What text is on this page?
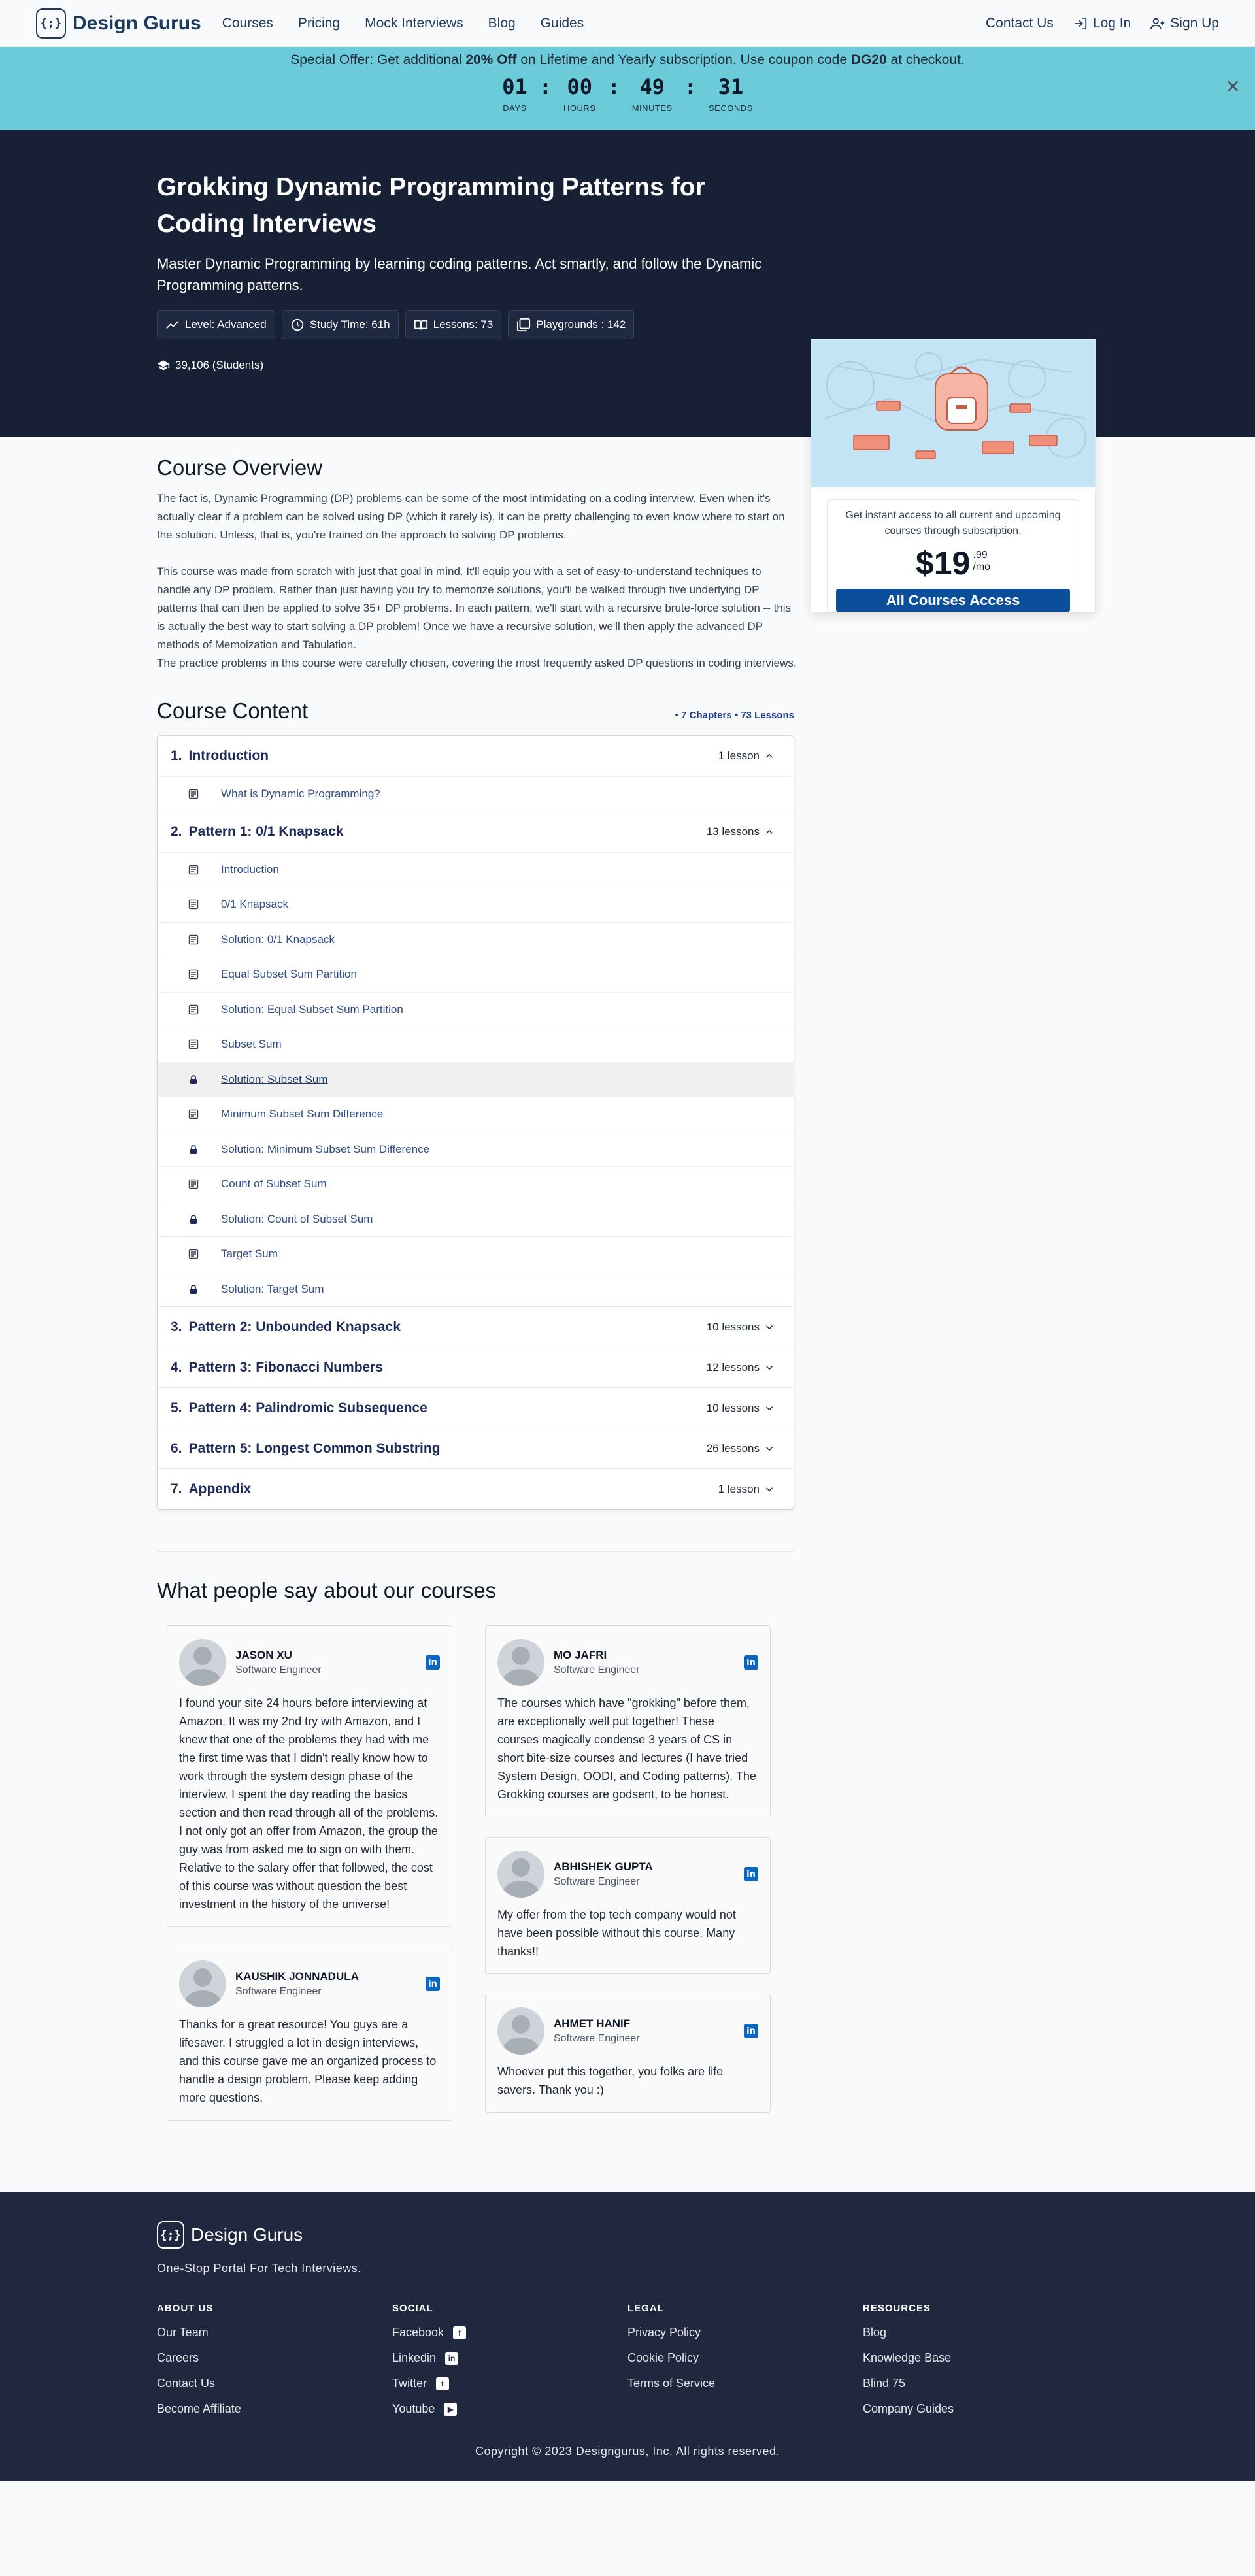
{;} Design Gurus Courses Pricing Mock Interviews Blog Guides	Contact Us	Log In	Sign Up
Special Offer: Get additional 20% Off on Lifetime and Yearly subscription. Use coupon code DG20 at checkout.
01
DAYS
: 00
HOURS
: 49
MINUTES
: 31
SECONDS
✕
Grokking Dynamic Programming Patterns for Coding Interviews

Master Dynamic Programming by learning coding patterns. Act smartly, and follow the Dynamic Programming patterns.

Level: Advanced	Study Time: 61h	Lessons: 73	Playgrounds : 142
39,106 (Students)

Get instant access to all current and upcoming courses through subscription.

$19 .99
/mo
All Courses Access
Course Overview

The fact is, Dynamic Programming (DP) problems can be some of the most intimidating on a coding interview. Even when it's actually clear if a problem can be solved using DP (which it rarely is), it can be pretty challenging to even know where to start on the solution. Unless, that is, you're trained on the approach to solving DP problems.

This course was made from scratch with just that goal in mind. It'll equip you with a set of easy-to-understand techniques to handle any DP problem. Rather than just having you try to memorize solutions, you'll be walked through five underlying DP patterns that can then be applied to solve 35+ DP problems. In each pattern, we'll start with a recursive brute-force solution -- this is actually the best way to start solving a DP problem! Once we have a recursive solution, we'll then apply the advanced DP methods of Memoization and Tabulation.

The practice problems in this course were carefully chosen, covering the most frequently asked DP questions in coding interviews.

Course Content	• 7 Chapters • 73 Lessons
1. Introduction	1 lesson
What is Dynamic Programming?
2. Pattern 1: 0/1 Knapsack	13 lessons
Introduction
0/1 Knapsack
Solution: 0/1 Knapsack
Equal Subset Sum Partition
Solution: Equal Subset Sum Partition
Subset Sum
Solution: Subset Sum
Minimum Subset Sum Difference
Solution: Minimum Subset Sum Difference
Count of Subset Sum
Solution: Count of Subset Sum
Target Sum
Solution: Target Sum
3. Pattern 2: Unbounded Knapsack	10 lessons
4. Pattern 3: Fibonacci Numbers	12 lessons
5. Pattern 4: Palindromic Subsequence	10 lessons
6. Pattern 5: Longest Common Substring	26 lessons
7. Appendix	1 lesson
What people say about our courses
JASON XU
Software Engineer
in

I found your site 24 hours before interviewing at Amazon. It was my 2nd try with Amazon, and I knew that one of the problems they had with me the first time was that I didn't really know how to work through the system design phase of the interview. I spent the day reading the basics section and then read through all of the problems. I not only got an offer from Amazon, the group the guy was from asked me to sign on with them. Relative to the salary offer that followed, the cost of this course was without question the best investment in the history of the universe!

KAUSHIK JONNADULA
Software Engineer
in

Thanks for a great resource! You guys are a lifesaver. I struggled a lot in design interviews, and this course gave me an organized process to handle a design problem. Please keep adding more questions.

MO JAFRI
Software Engineer
in

The courses which have "grokking" before them, are exceptionally well put together! These courses magically condense 3 years of CS in short bite-size courses and lectures (I have tried System Design, OODI, and Coding patterns). The Grokking courses are godsent, to be honest.

ABHISHEK GUPTA
Software Engineer
in

My offer from the top tech company would not have been possible without this course. Many thanks!!

AHMET HANIF
Software Engineer
in

Whoever put this together, you folks are life savers. Thank you :)

{;} Design Gurus

One-Stop Portal For Tech Interviews.

ABOUT US
Our Team
Careers
Contact Us
Become Affiliate
SOCIAL
Facebook	f
Linkedin	in
Twitter	t
Youtube	▶
LEGAL
Privacy Policy
Cookie Policy
Terms of Service
RESOURCES
Blog
Knowledge Base
Blind 75
Company Guides
Copyright © 2023 Designgurus, Inc. All rights reserved.
